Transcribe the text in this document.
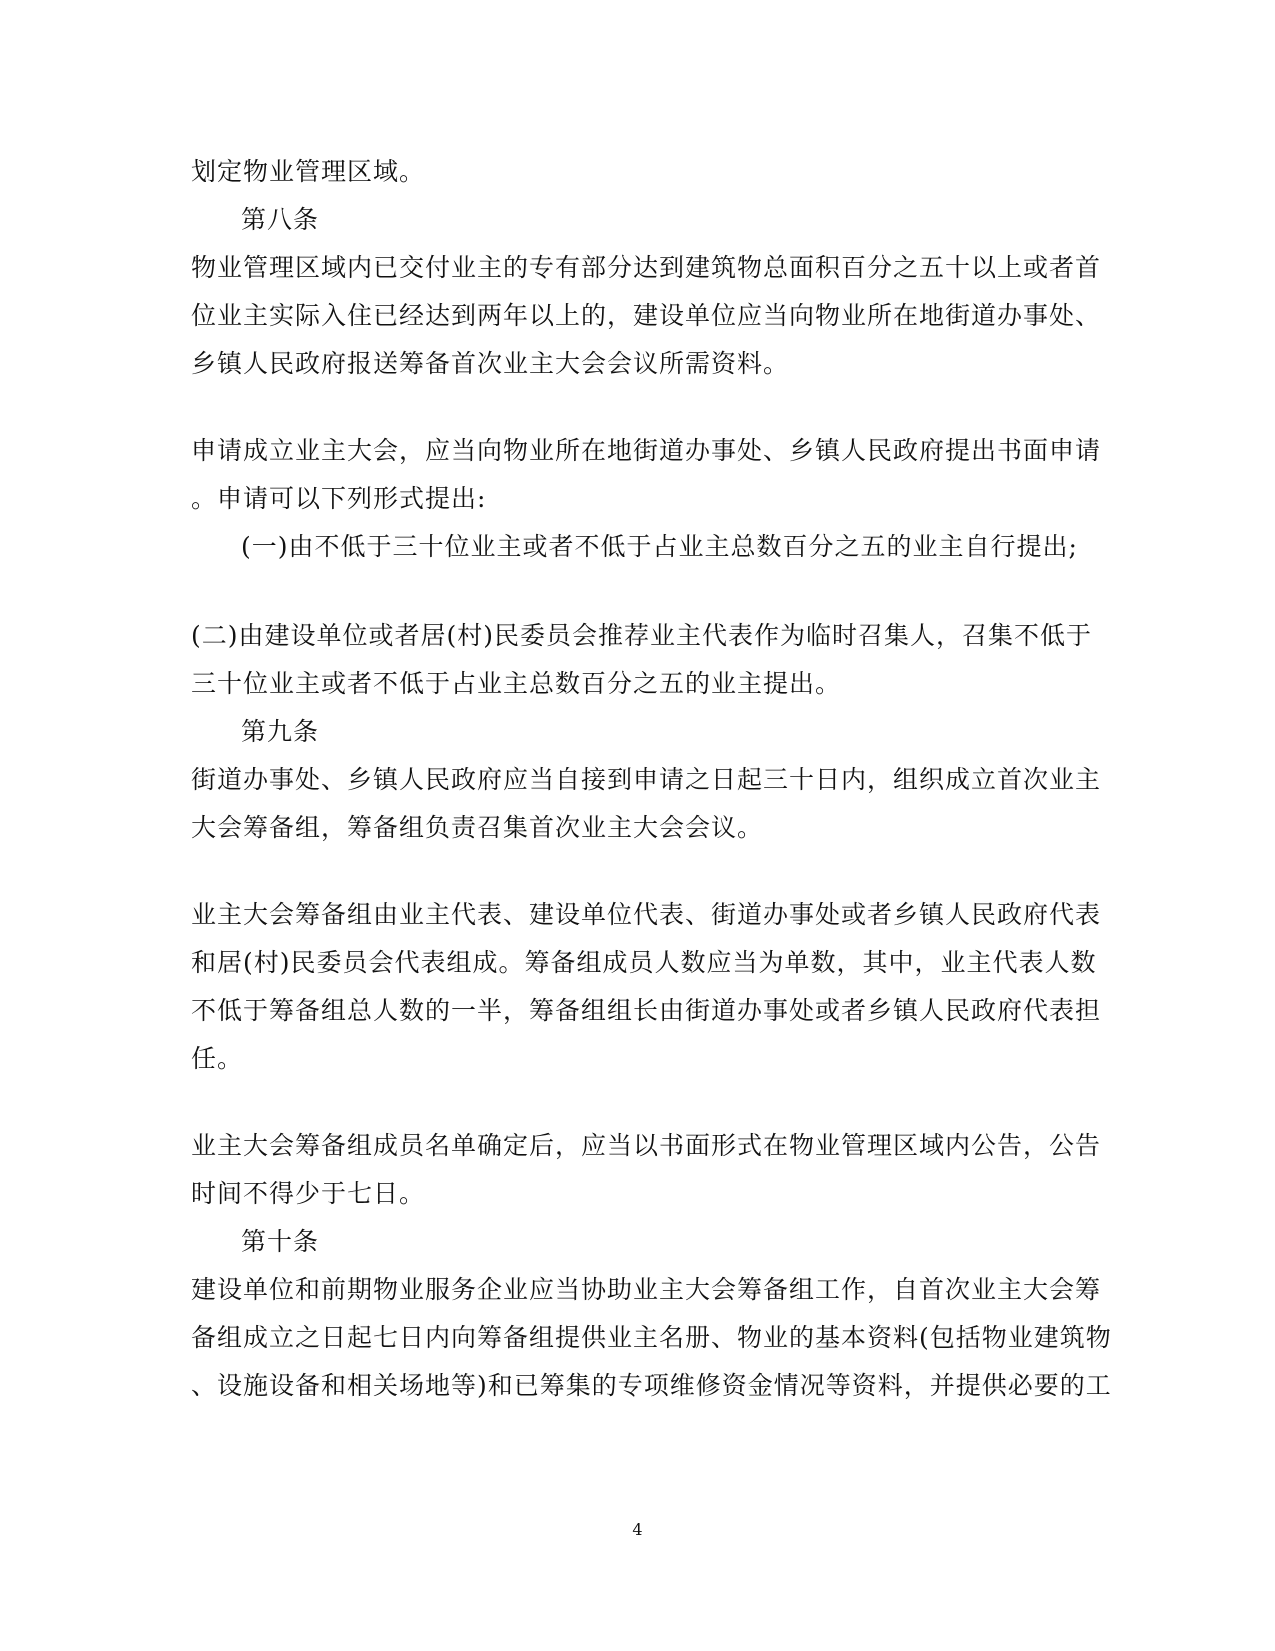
划定物业管理区域。
第八条
物业管理区域内已交付业主的专有部分达到建筑物总面积百分之五十以上或者首
位业主实际入住已经达到两年以上的，建设单位应当向物业所在地街道办事处、
乡镇人民政府报送筹备首次业主大会会议所需资料。
申请成立业主大会，应当向物业所在地街道办事处、乡镇人民政府提出书面申请
。申请可以下列形式提出:
(一)由不低于三十位业主或者不低于占业主总数百分之五的业主自行提出;
(二)由建设单位或者居(村)民委员会推荐业主代表作为临时召集人，召集不低于
三十位业主或者不低于占业主总数百分之五的业主提出。
第九条
街道办事处、乡镇人民政府应当自接到申请之日起三十日内，组织成立首次业主
大会筹备组，筹备组负责召集首次业主大会会议。
业主大会筹备组由业主代表、建设单位代表、街道办事处或者乡镇人民政府代表
和居(村)民委员会代表组成。筹备组成员人数应当为单数，其中，业主代表人数
不低于筹备组总人数的一半，筹备组组长由街道办事处或者乡镇人民政府代表担
任。
业主大会筹备组成员名单确定后，应当以书面形式在物业管理区域内公告，公告
时间不得少于七日。
第十条
建设单位和前期物业服务企业应当协助业主大会筹备组工作，自首次业主大会筹
备组成立之日起七日内向筹备组提供业主名册、物业的基本资料(包括物业建筑物
、设施设备和相关场地等)和已筹集的专项维修资金情况等资料，并提供必要的工
4
